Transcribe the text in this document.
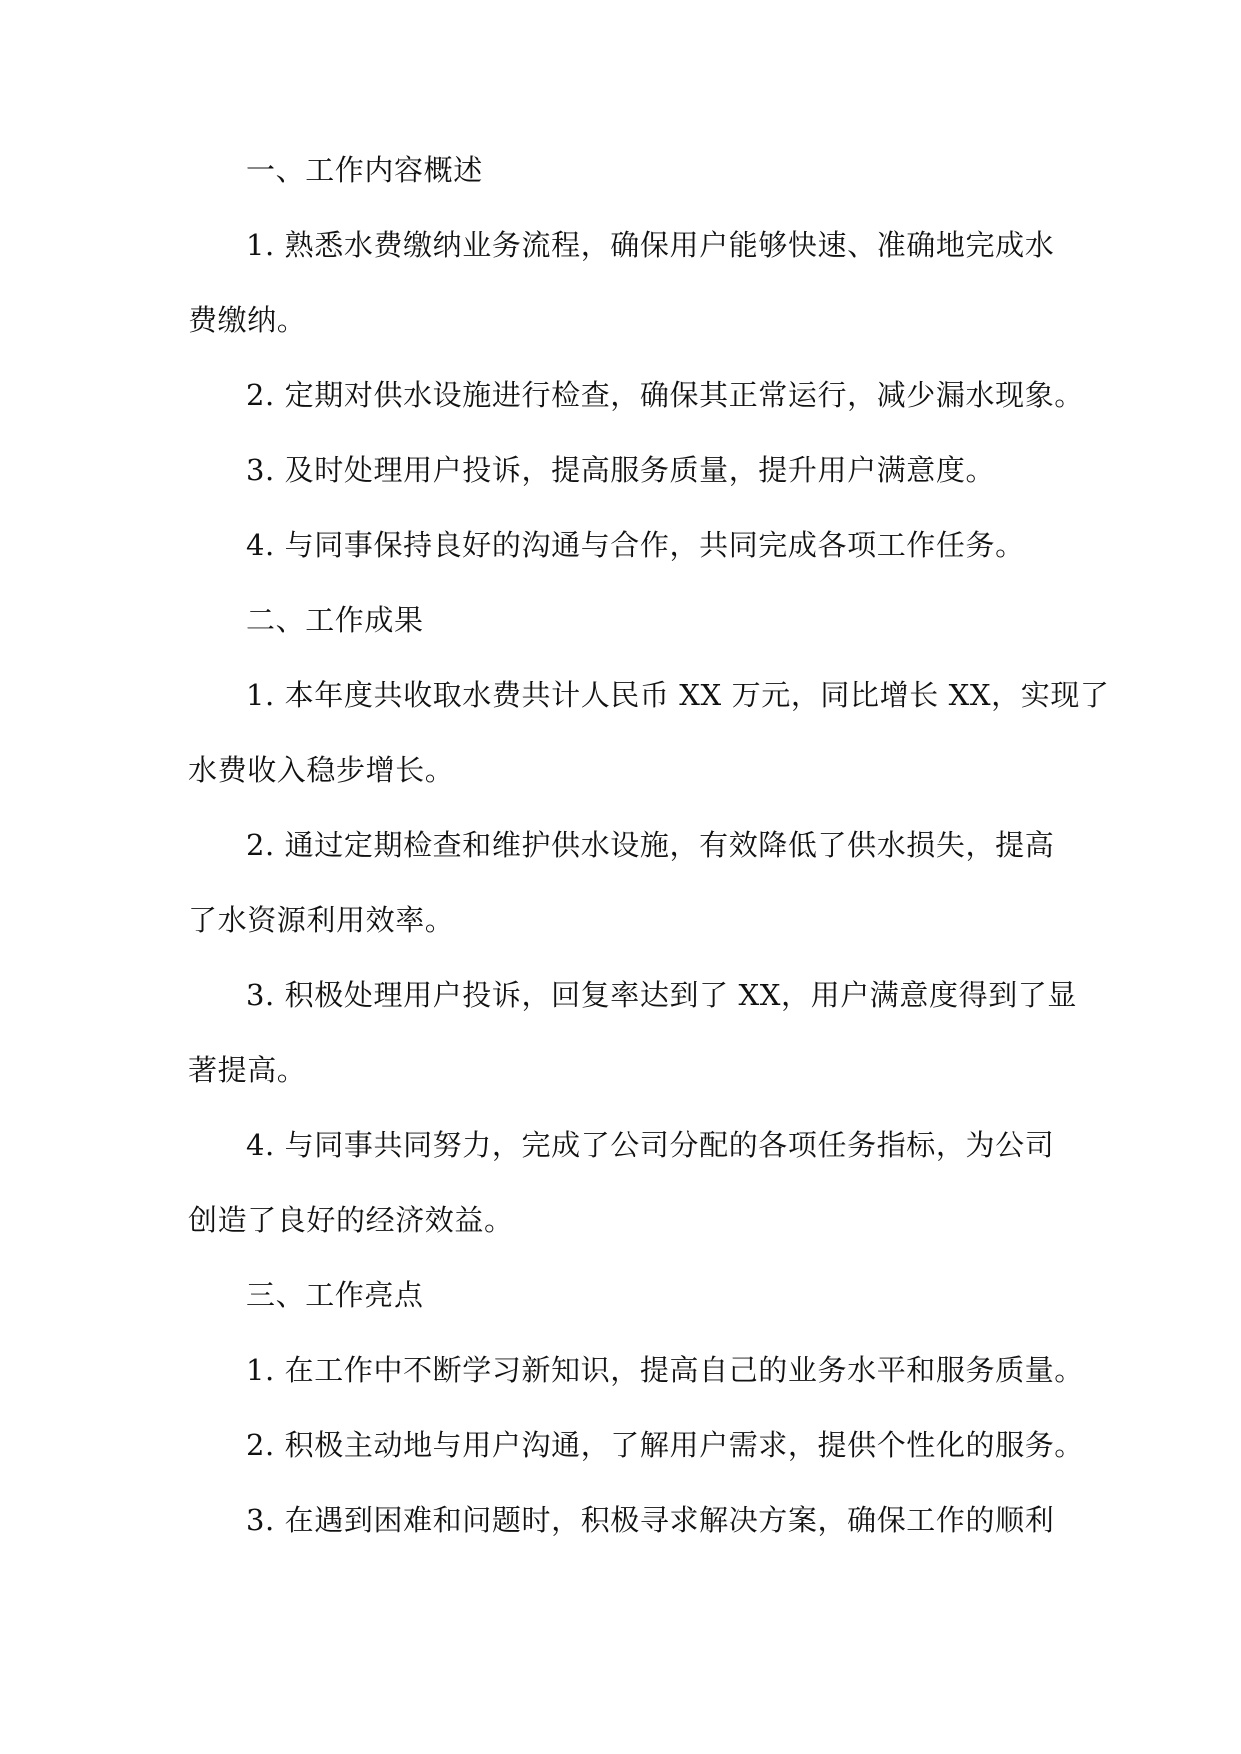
一、工作内容概述
1. 熟悉水费缴纳业务流程，确保用户能够快速、准确地完成水
费缴纳。
2. 定期对供水设施进行检查，确保其正常运行，减少漏水现象。
3. 及时处理用户投诉，提高服务质量，提升用户满意度。
4. 与同事保持良好的沟通与合作，共同完成各项工作任务。
二、工作成果
1. 本年度共收取水费共计人民币 XX 万元，同比增长 XX，实现了
水费收入稳步增长。
2. 通过定期检查和维护供水设施，有效降低了供水损失，提高
了水资源利用效率。
3. 积极处理用户投诉，回复率达到了 XX，用户满意度得到了显
著提高。
4. 与同事共同努力，完成了公司分配的各项任务指标，为公司
创造了良好的经济效益。
三、工作亮点
1. 在工作中不断学习新知识，提高自己的业务水平和服务质量。
2. 积极主动地与用户沟通，了解用户需求，提供个性化的服务。
3. 在遇到困难和问题时，积极寻求解决方案，确保工作的顺利
